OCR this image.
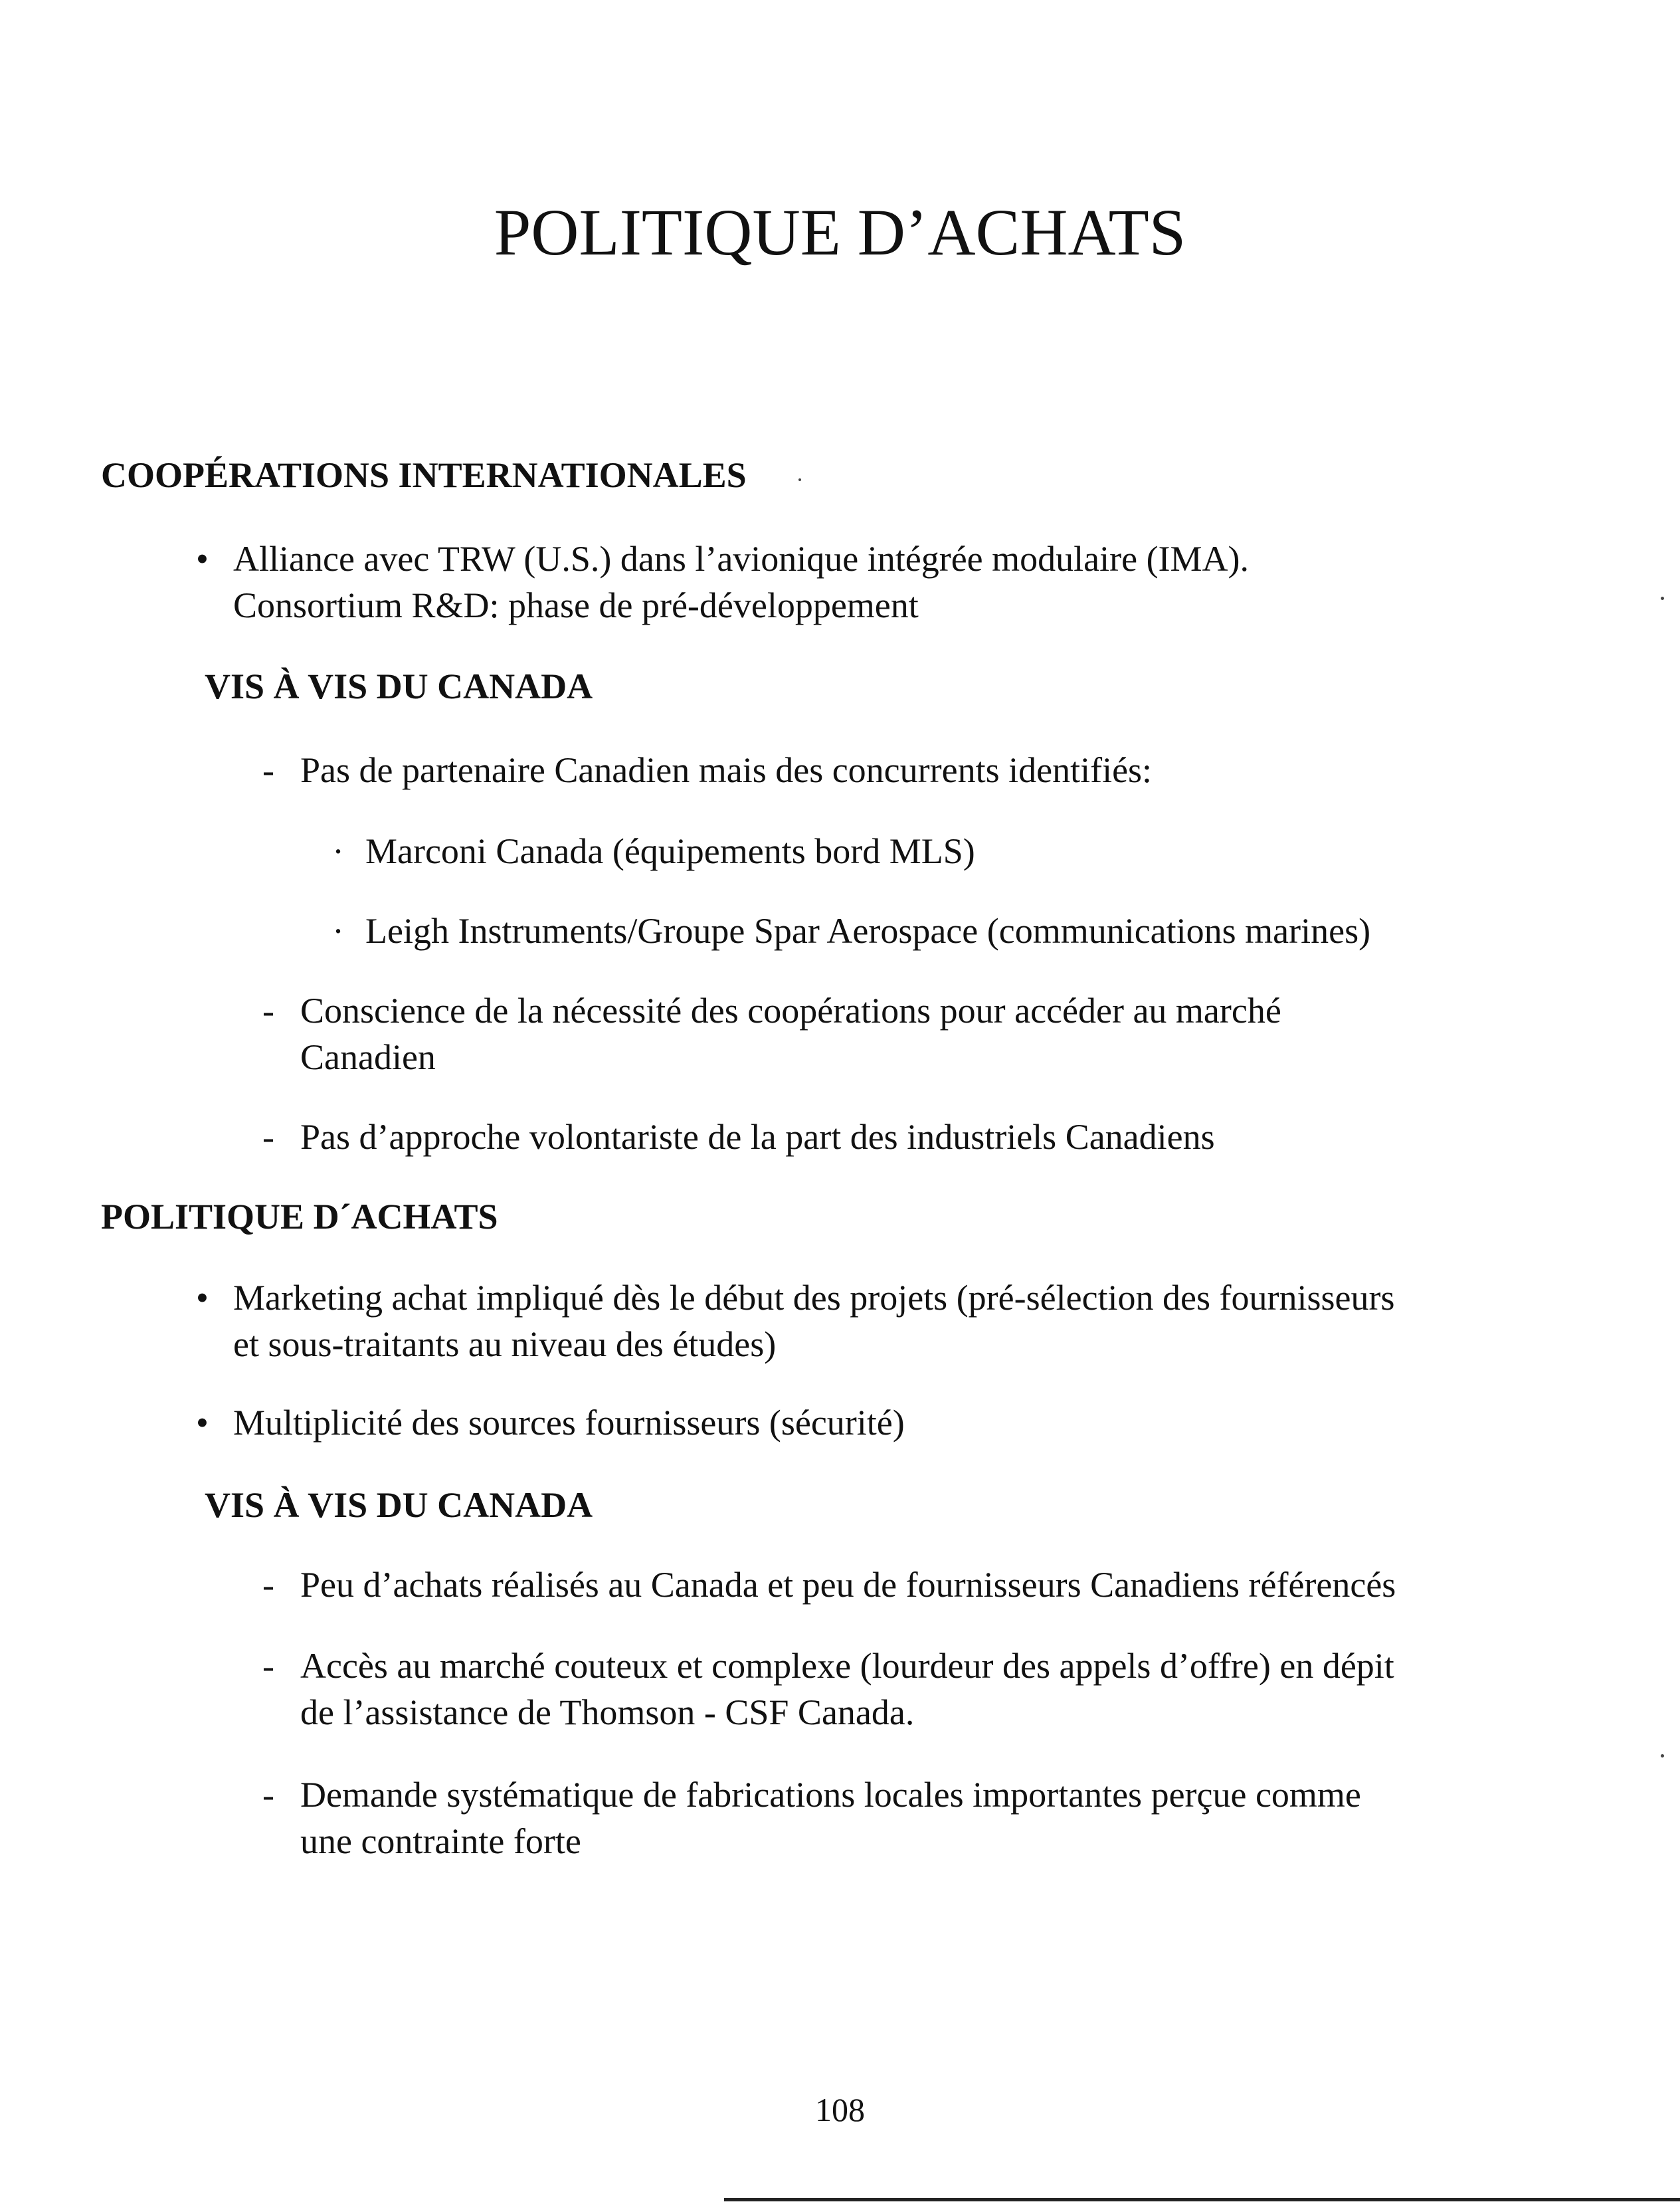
POLITIQUE D’ACHATS
COOPÉRATIONS INTERNATIONALES
• Alliance avec TRW (U.S.) dans l’avionique intégrée modulaire (IMA).
Consortium R&D: phase de pré-développement
VIS À VIS DU CANADA
- Pas de partenaire Canadien mais des concurrents identifiés:
· Marconi Canada (équipements bord MLS)
· Leigh Instruments/Groupe Spar Aerospace (communications marines)
- Conscience de la nécessité des coopérations pour accéder au marché
Canadien
- Pas d’approche volontariste de la part des industriels Canadiens
POLITIQUE D´ACHATS
• Marketing achat impliqué dès le début des projets (pré-sélection des fournisseurs
et sous-traitants au niveau des études)
• Multiplicité des sources fournisseurs (sécurité)
VIS À VIS DU CANADA
- Peu d’achats réalisés au Canada et peu de fournisseurs Canadiens référencés
- Accès au marché couteux et complexe (lourdeur des appels d’offre) en dépit
de l’assistance de Thomson - CSF Canada.
- Demande systématique de fabrications locales importantes perçue comme
une contrainte forte
108
